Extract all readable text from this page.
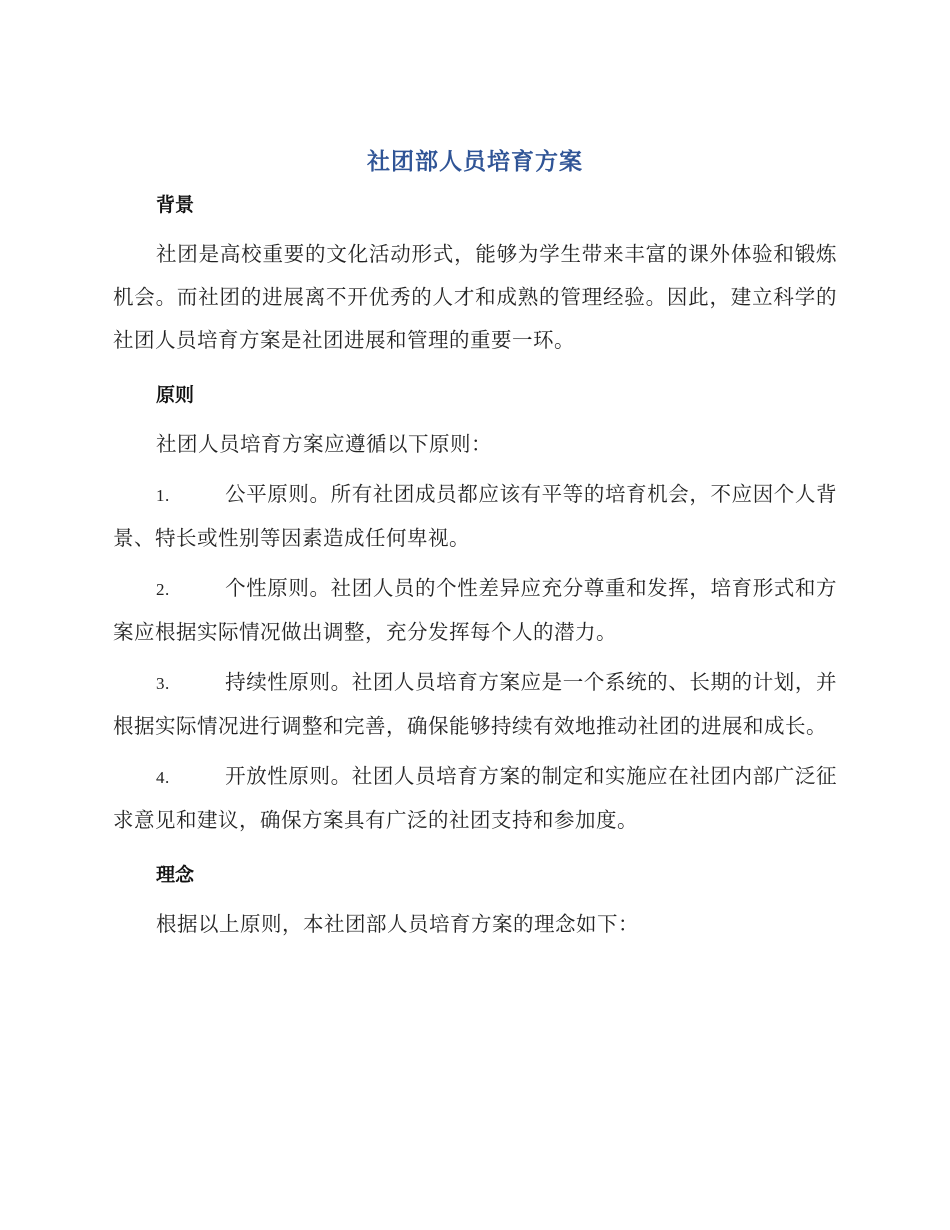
社团部人员培育方案
背景

社团是高校重要的文化活动形式，能够为学生带来丰富的课外体验和锻炼机会。而社团的进展离不开优秀的人才和成熟的管理经验。因此，建立科学的社团人员培育方案是社团进展和管理的重要一环。

原则

社团人员培育方案应遵循以下原则：

1.	公平原则。所有社团成员都应该有平等的培育机会，不应因个人背景、特长或性别等因素造成任何卑视。

2.	个性原则。社团人员的个性差异应充分尊重和发挥，培育形式和方案应根据实际情况做出调整，充分发挥每个人的潜力。

3.	持续性原则。社团人员培育方案应是一个系统的、长期的计划，并根据实际情况进行调整和完善，确保能够持续有效地推动社团的进展和成长。

4.	开放性原则。社团人员培育方案的制定和实施应在社团内部广泛征求意见和建议，确保方案具有广泛的社团支持和参加度。

理念

根据以上原则，本社团部人员培育方案的理念如下：
